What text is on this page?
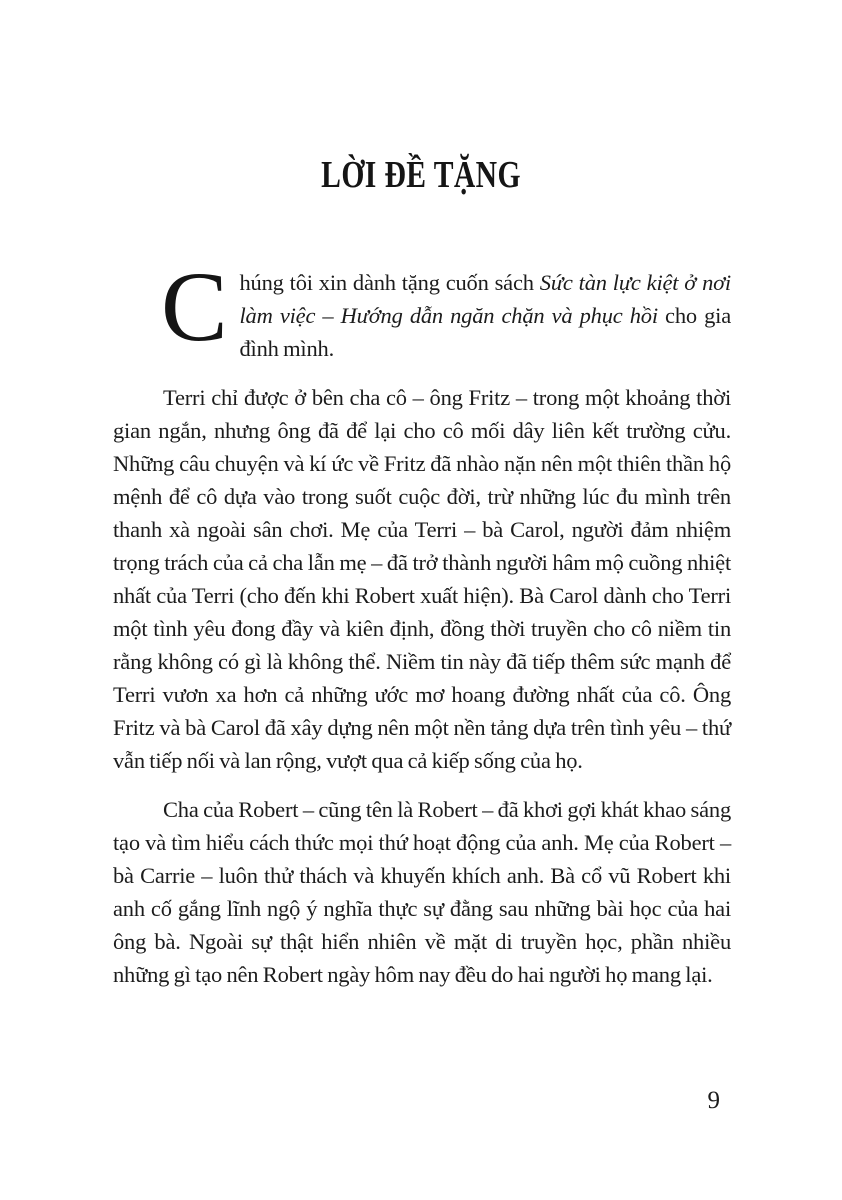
LỜI ĐỀ TẶNG

Chúng tôi xin dành tặng cuốn sách Sức tàn lực kiệt ở nơi làm việc – Hướng dẫn ngăn chặn và phục hồi cho gia đình mình.

Terri chỉ được ở bên cha cô – ông Fritz – trong một khoảng thời gian ngắn, nhưng ông đã để lại cho cô mối dây liên kết trường cửu. Những câu chuyện và kí ức về Fritz đã nhào nặn nên một thiên thần hộ mệnh để cô dựa vào trong suốt cuộc đời, trừ những lúc đu mình trên thanh xà ngoài sân chơi. Mẹ của Terri – bà Carol, người đảm nhiệm trọng trách của cả cha lẫn mẹ – đã trở thành người hâm mộ cuồng nhiệt nhất của Terri (cho đến khi Robert xuất hiện). Bà Carol dành cho Terri một tình yêu đong đầy và kiên định, đồng thời truyền cho cô niềm tin rằng không có gì là không thể. Niềm tin này đã tiếp thêm sức mạnh để Terri vươn xa hơn cả những ước mơ hoang đường nhất của cô. Ông Fritz và bà Carol đã xây dựng nên một nền tảng dựa trên tình yêu – thứ vẫn tiếp nối và lan rộng, vượt qua cả kiếp sống của họ.

Cha của Robert – cũng tên là Robert – đã khơi gợi khát khao sáng tạo và tìm hiểu cách thức mọi thứ hoạt động của anh. Mẹ của Robert – bà Carrie – luôn thử thách và khuyến khích anh. Bà cổ vũ Robert khi anh cố gắng lĩnh ngộ ý nghĩa thực sự đằng sau những bài học của hai ông bà. Ngoài sự thật hiển nhiên về mặt di truyền học, phần nhiều những gì tạo nên Robert ngày hôm nay đều do hai người họ mang lại.

9
